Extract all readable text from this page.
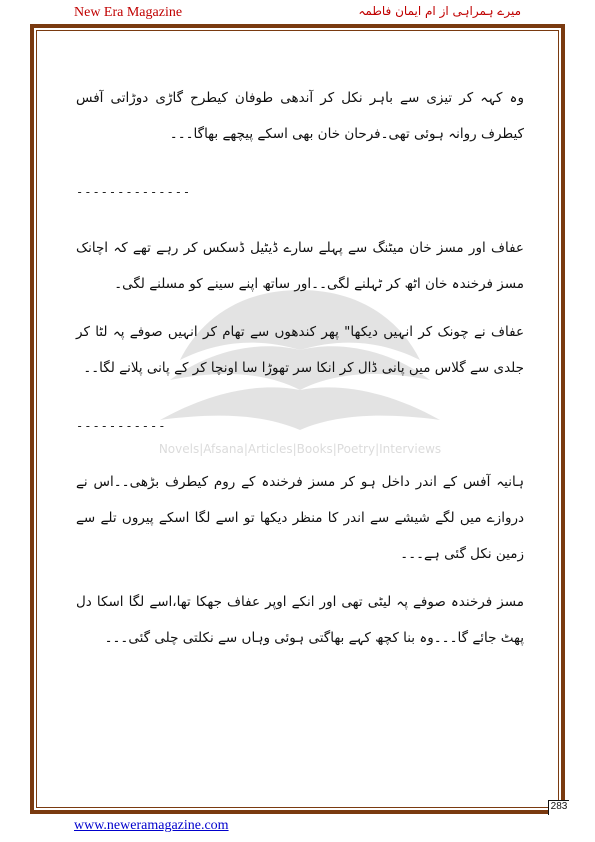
New Era Magazine	میرے ہمراہی از ام ایمان فاطمہ
Novels|Afsana|Articles|Books|Poetry|Interviews

وہ کہہ کر تیزی سے باہر نکل کر آندھی طوفان کیطرح گاڑی دوڑاتی آفس کیطرف روانہ ہوئی تھی۔فرحان خان بھی اسکے پیچھے بھاگا۔۔۔

--------------

عفاف اور مسز خان میٹنگ سے پہلے سارے ڈیٹیل ڈسکس کر رہے تھے کہ اچانک مسز فرخندہ خان اٹھ کر ٹہلنے لگی۔۔اور ساتھ اپنے سینے کو مسلنے لگی۔

عفاف نے چونک کر انہیں دیکھا" پھر کندھوں سے تھام کر انہیں صوفے پہ لٹا کر جلدی سے گلاس میں پانی ڈال کر انکا سر تھوڑا سا اونچا کر کے پانی پلانے لگا۔۔

-----------

ہانیہ آفس کے اندر داخل ہو کر مسز فرخندہ کے روم کیطرف بڑھی۔۔اس نے دروازے میں لگے شیشے سے اندر کا منظر دیکھا تو اسے لگا اسکے پیروں تلے سے زمین نکل گئی ہے۔۔۔

مسز فرخندہ صوفے پہ لیٹی تھی اور انکے اوپر عفاف جھکا تھا،اسے لگا اسکا دل پھٹ جائے گا۔۔۔وہ بنا کچھ کہے بھاگتی ہوئی وہاں سے نکلتی چلی گئی۔۔۔

283
www.neweramagazine.com
